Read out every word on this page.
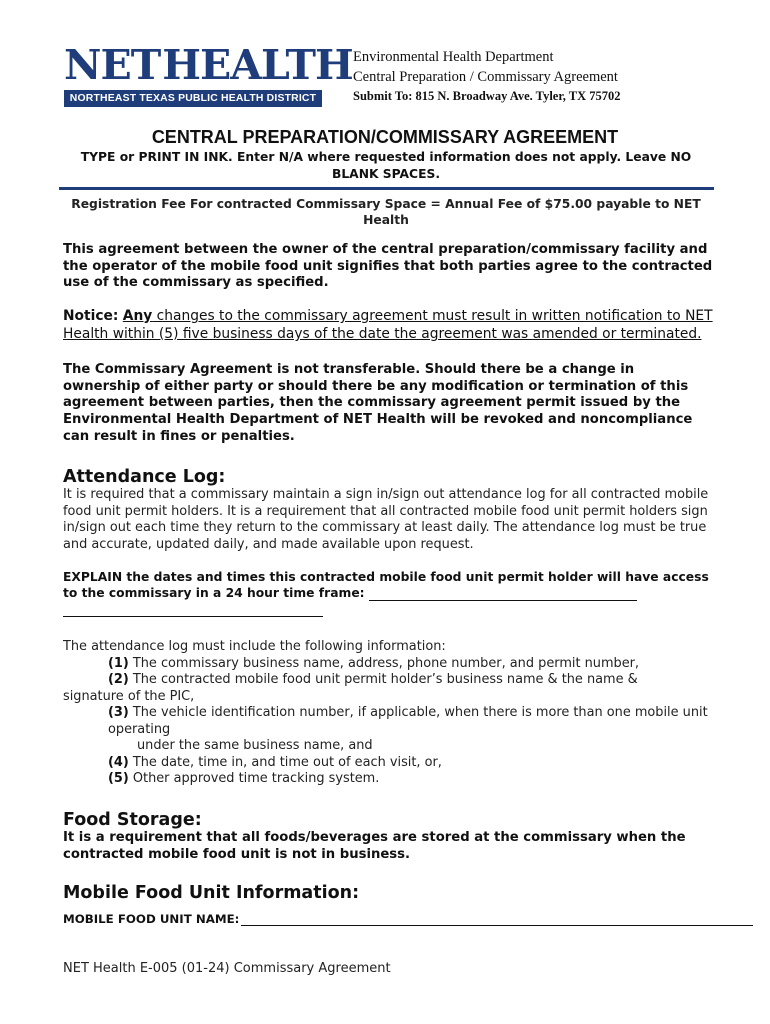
NET HEALTH
NORTHEAST TEXAS PUBLIC HEALTH DISTRICT
Environmental Health Department
Central Preparation / Commissary Agreement
Submit To: 815 N. Broadway Ave. Tyler, TX 75702
CENTRAL PREPARATION/COMMISSARY AGREEMENT
TYPE or PRINT IN INK. Enter N/A where requested information does not apply. Leave NO BLANK SPACES.
Registration Fee For contracted Commissary Space = Annual Fee of $75.00 payable to NET Health
This agreement between the owner of the central preparation/commissary facility and the operator of the mobile food unit signifies that both parties agree to the contracted use of the commissary as specified.
Notice: Any changes to the commissary agreement must result in written notification to NET Health within (5) five business days of the date the agreement was amended or terminated.
The Commissary Agreement is not transferable. Should there be a change in ownership of either party or should there be any modification or termination of this agreement between parties, then the commissary agreement permit issued by the Environmental Health Department of NET Health will be revoked and noncompliance can result in fines or penalties.
Attendance Log:
It is required that a commissary maintain a sign in/sign out attendance log for all contracted mobile food unit permit holders. It is a requirement that all contracted mobile food unit permit holders sign in/sign out each time they return to the commissary at least daily. The attendance log must be true and accurate, updated daily, and made available upon request.
EXPLAIN the dates and times this contracted mobile food unit permit holder will have access to the commissary in a 24 hour time frame:

The attendance log must include the following information:
(1) The commissary business name, address, phone number, and permit number,
(2) The contracted mobile food unit permit holder’s business name & the name &
signature of the PIC,
(3) The vehicle identification number, if applicable, when there is more than one mobile unit operating
under the same business name, and
(4) The date, time in, and time out of each visit, or,
(5) Other approved time tracking system.
Food Storage:
It is a requirement that all foods/beverages are stored at the commissary when the contracted mobile food unit is not in business.
Mobile Food Unit Information:
MOBILE FOOD UNIT NAME:
NET Health E-005 (01-24) Commissary Agreement
